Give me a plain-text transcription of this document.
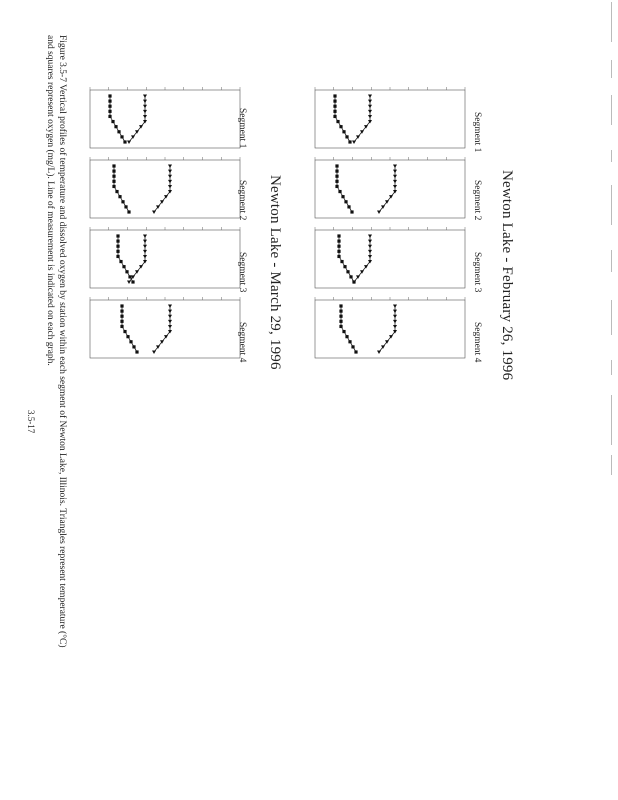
Newton Lake - February 26, 1996
Newton Lake - March 29, 1996
Segment 1
Segment 2
Segment 3
Segment 4
Segment 1
Segment 2
Segment 3
Segment 4
Figure 3.5-7 Vertical profiles of temperature and dissolved oxygen by station within each segment of Newton Lake, Illinois. Triangles represent temperature (°C)
and squares represent oxygen (mg/L). Line of measurement is indicated on each graph.
3.5-17
